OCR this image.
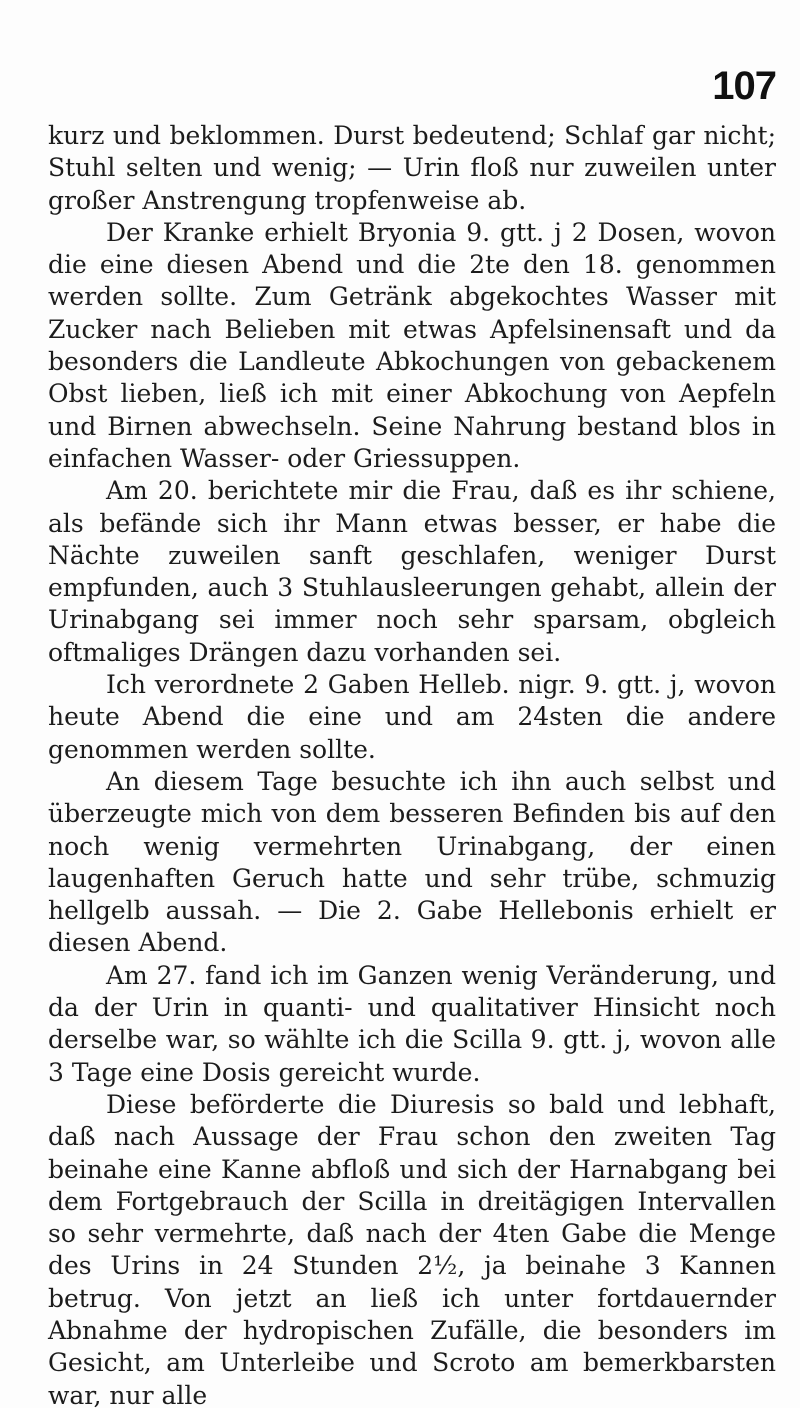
107

kurz und beklommen. Durst bedeutend; Schlaf gar nicht; Stuhl selten und wenig; — Urin floß nur zuweilen unter großer Anstrengung tropfenweise ab.

Der Kranke erhielt Bryonia 9. gtt. j 2 Dosen, wovon die eine diesen Abend und die 2te den 18. genommen werden sollte. Zum Getränk abgekochtes Wasser mit Zucker nach Belieben mit etwas Apfelsinensaft und da besonders die Landleute Abkochungen von gebackenem Obst lieben, ließ ich mit einer Abkochung von Aepfeln und Birnen abwechseln. Seine Nahrung bestand blos in einfachen Wasser- oder Griessuppen.

Am 20. berichtete mir die Frau, daß es ihr schiene, als befände sich ihr Mann etwas besser, er habe die Nächte zuweilen sanft geschlafen, weniger Durst empfunden, auch 3 Stuhlausleerungen gehabt, allein der Urinabgang sei immer noch sehr sparsam, obgleich oftmaliges Drängen dazu vorhanden sei.

Ich verordnete 2 Gaben Helleb. nigr. 9. gtt. j, wovon heute Abend die eine und am 24sten die andere genommen werden sollte.

An diesem Tage besuchte ich ihn auch selbst und überzeugte mich von dem besseren Befinden bis auf den noch wenig vermehrten Urinabgang, der einen laugenhaften Geruch hatte und sehr trübe, schmuzig hellgelb aussah. — Die 2. Gabe Hellebonis erhielt er diesen Abend.

Am 27. fand ich im Ganzen wenig Veränderung, und da der Urin in quanti- und qualitativer Hinsicht noch derselbe war, so wählte ich die Scilla 9. gtt. j, wovon alle 3 Tage eine Dosis gereicht wurde.

Diese beförderte die Diuresis so bald und lebhaft, daß nach Aussage der Frau schon den zweiten Tag beinahe eine Kanne abfloß und sich der Harnabgang bei dem Fortgebrauch der Scilla in dreitägigen Intervallen so sehr vermehrte, daß nach der 4ten Gabe die Menge des Urins in 24 Stunden 2½, ja beinahe 3 Kannen betrug. Von jetzt an ließ ich unter fortdauernder Abnahme der hydropischen Zufälle, die besonders im Gesicht, am Unterleibe und Scroto am bemerkbarsten war, nur alle
